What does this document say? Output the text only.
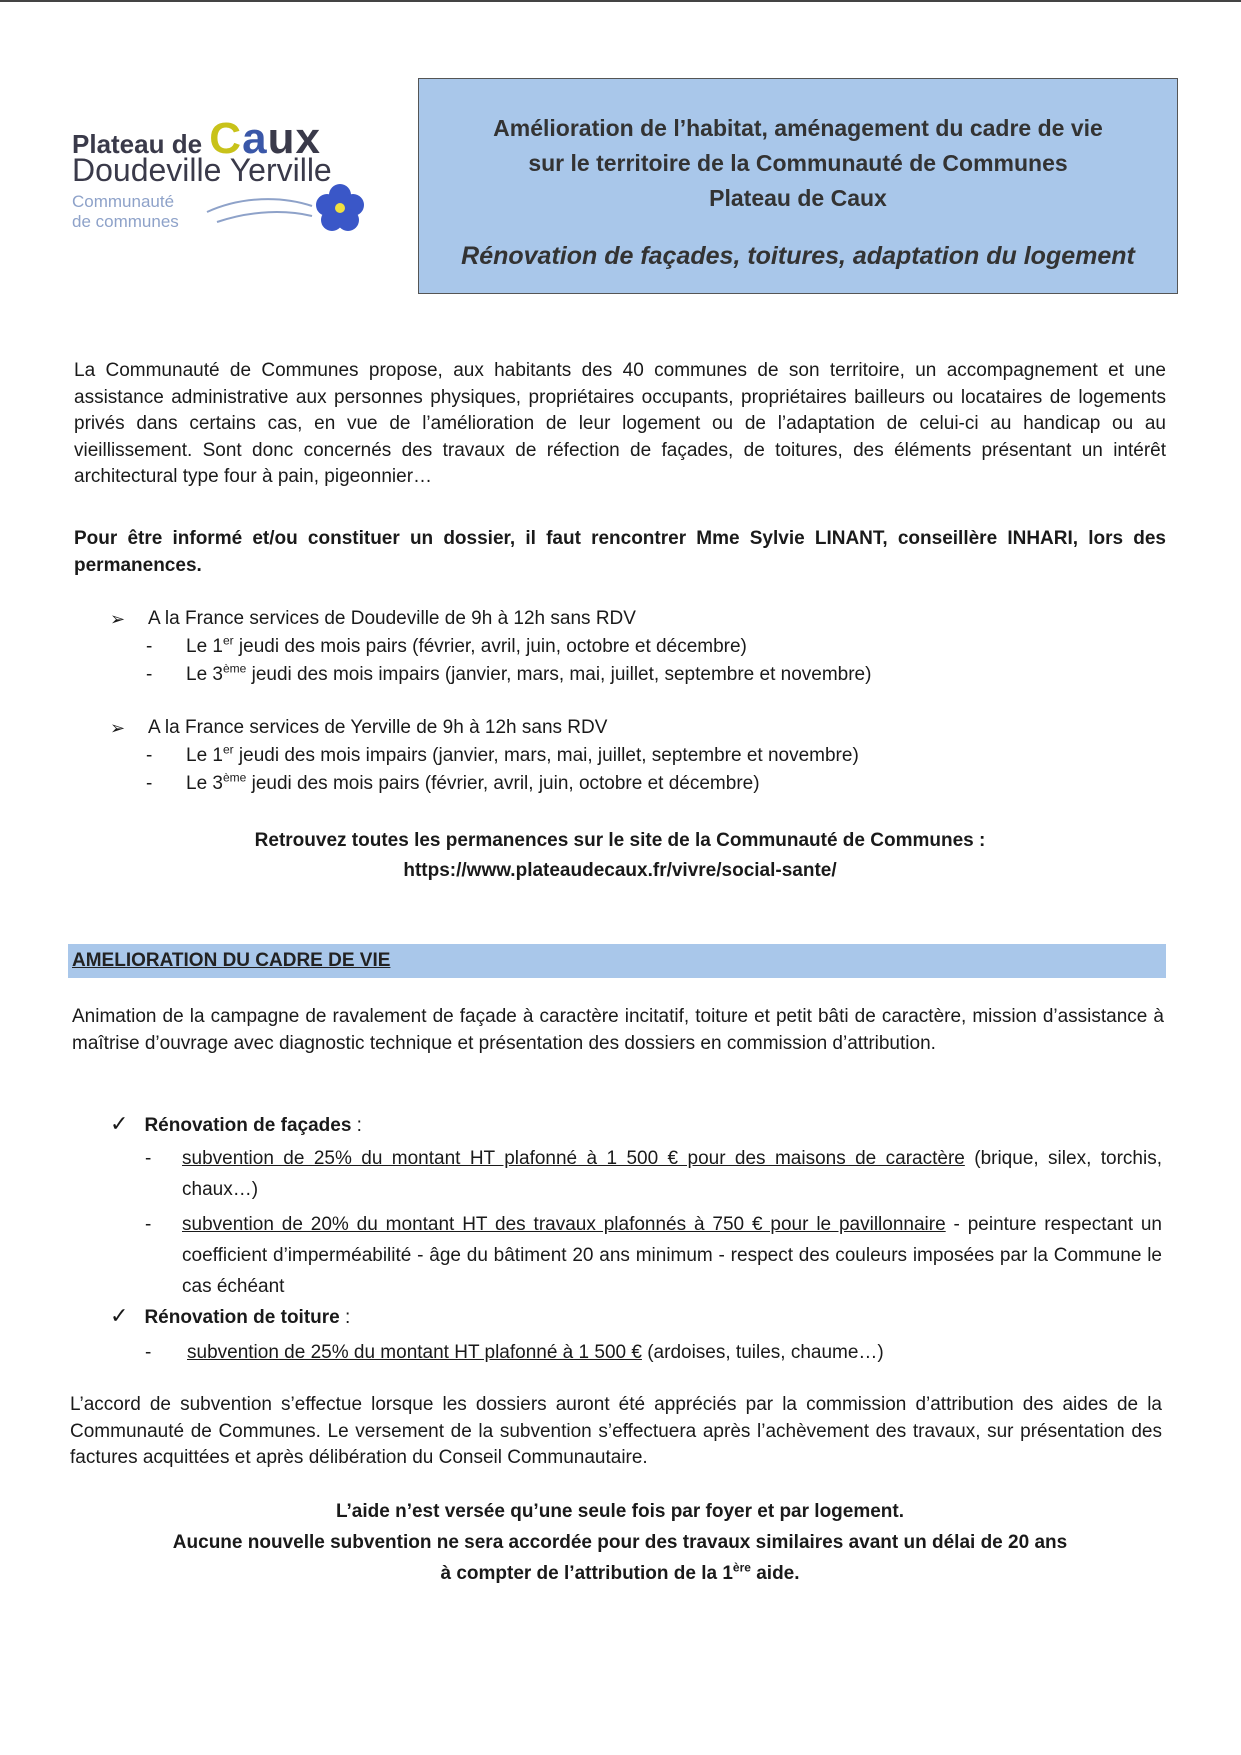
Plateau de Caux
Doudeville Yerville
Communauté
de communes
Amélioration de l’habitat, aménagement du cadre de vie
sur le territoire de la Communauté de Communes
Plateau de Caux
Rénovation de façades, toitures, adaptation du logement
La Communauté de Communes propose, aux habitants des 40 communes de son territoire, un accompagnement et une assistance administrative aux personnes physiques, propriétaires occupants, propriétaires bailleurs ou locataires de logements privés dans certains cas, en vue de l’amélioration de leur logement ou de l’adaptation de celui-ci au handicap ou au vieillissement. Sont donc concernés des travaux de réfection de façades, de toitures, des éléments présentant un intérêt architectural type four à pain, pigeonnier…
Pour être informé et/ou constituer un dossier, il faut rencontrer Mme Sylvie LINANT, conseillère INHARI, lors des permanences.
➢ A la France services de Doudeville de 9h à 12h sans RDV
- Le 1er jeudi des mois pairs (février, avril, juin, octobre et décembre)
- Le 3ème jeudi des mois impairs (janvier, mars, mai, juillet, septembre et novembre)
➢ A la France services de Yerville de 9h à 12h sans RDV
- Le 1er jeudi des mois impairs (janvier, mars, mai, juillet, septembre et novembre)
- Le 3ème jeudi des mois pairs (février, avril, juin, octobre et décembre)
Retrouvez toutes les permanences sur le site de la Communauté de Communes :
https://www.plateaudecaux.fr/vivre/social-sante/
AMELIORATION DU CADRE DE VIE
Animation de la campagne de ravalement de façade à caractère incitatif, toiture et petit bâti de caractère, mission d’assistance à maîtrise d’ouvrage avec diagnostic technique et présentation des dossiers en commission d’attribution.
✓ Rénovation de façades :
- subvention de 25% du montant HT plafonné à 1 500 € pour des maisons de caractère (brique, silex, torchis, chaux…)
- subvention de 20% du montant HT des travaux plafonnés à 750 € pour le pavillonnaire - peinture respectant un coefficient d’imperméabilité - âge du bâtiment 20 ans minimum - respect des couleurs imposées par la Commune le cas échéant
✓ Rénovation de toiture :
- subvention de 25% du montant HT plafonné à 1 500 € (ardoises, tuiles, chaume…)
L’accord de subvention s’effectue lorsque les dossiers auront été appréciés par la commission d’attribution des aides de la Communauté de Communes. Le versement de la subvention s’effectuera après l’achèvement des travaux, sur présentation des factures acquittées et après délibération du Conseil Communautaire.
L’aide n’est versée qu’une seule fois par foyer et par logement.
Aucune nouvelle subvention ne sera accordée pour des travaux similaires avant un délai de 20 ans
à compter de l’attribution de la 1ère aide.
